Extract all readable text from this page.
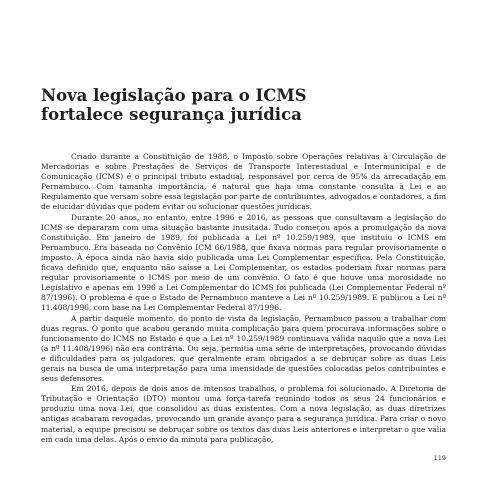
Nova legislação para o ICMS
fortalece segurança jurídica

Criado durante a Constituição de 1988, o Imposto sobre Operações relativas à Circulação de Mercadorias e sobre Prestações de Serviços de Transporte Interestadual e Intermunicipal e de Comunicação (ICMS) é o principal tributo estadual, responsável por cerca de 95% da arrecadação em Pernambuco. Com tamanha importância, é natural que haja uma constante consulta à Lei e ao Regulamento que versam sobre essa legislação por parte de contribuintes, advogados e contadores, a fim de elucidar dúvidas que podem evitar ou solucionar questões jurídicas.

Durante 20 anos, no entanto, entre 1996 e 2016, as pessoas que consultavam a legislação do ICMS se depararam com uma situação bastante inusitada. Tudo começou após a promulgação da nova Constituição. Em janeiro de 1989, foi publicada a Lei nº 10.259/1989, que instituiu o ICMS em Pernambuco. Era baseada no Convênio ICM 66/1988, que fixava normas para regular provisoriamente o imposto. À época ainda não havia sido publicada uma Lei Complementar específica. Pela Constituição, ficava definido que, enquanto não saísse a Lei Complementar, os estados poderiam fixar normas para regular provisoriamente o ICMS por meio de um convênio. O fato é que houve uma morosidade no Legislativo e apenas em 1996 a Lei Complementar do ICMS foi publicada (Lei Complementar Federal nº 87/1996). O problema é que o Estado de Pernambuco manteve a Lei nº 10.259/1989. E publicou a Lei nº 11.408/1996, com base na Lei Complementar Federal 87/1996.

A partir daquele momento, do ponto de vista da legislação, Pernambuco passou a trabalhar com duas regras. O ponto que acabou gerando muita complicação para quem procurava informações sobre o funcionamento do ICMS no Estado é que a Lei nº 10.259/1989 continuava válida naquilo que a nova Lei (a nº 11.408/1996) não era contrária. Ou seja, permitia uma série de interpretações, provocando dúvidas e dificuldades para os julgadores, que geralmente eram obrigados a se debruçar sobre as duas Leis gerais na busca de uma interpretação para uma imensidade de questões colocadas pelos contribuintes e seus defensores.

Em 2016, depois de dois anos de intensos trabalhos, o problema foi solucionado. A Diretoria de Tributação e Orientação (DTO) montou uma força-tarefa reunindo todos os seus 24 funcionários e produziu uma nova Lei, que consolidou as duas existentes. Com a nova legislação, as duas diretrizes antigas acabaram revogadas, provocando um grande avanço para a segurança jurídica. Para criar o novo material, a equipe precisou se debruçar sobre os textos das duas Leis anteriores e interpretar o que valia em cada uma delas. Após o envio da minuta para publicação,

119
